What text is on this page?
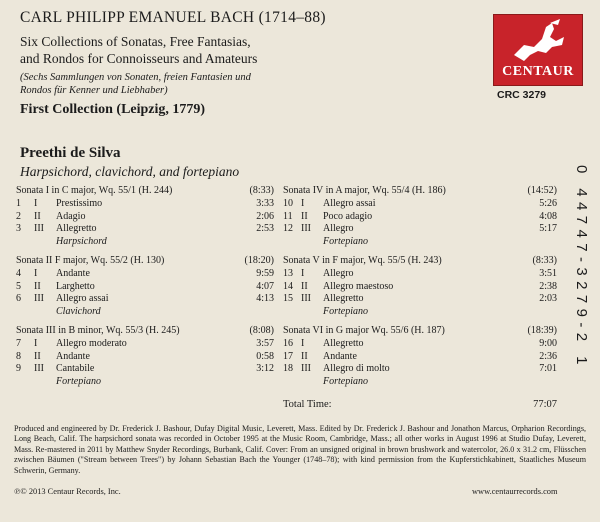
CARL PHILIPP EMANUEL BACH (1714–88)
Six Collections of Sonatas, Free Fantasias,
and Rondos for Connoisseurs and Amateurs
(Sechs Sammlungen von Sonaten, freien Fantasien und
Rondos für Kenner und Liebhaber)
First Collection (Leipzig, 1779)
Preethi de Silva
Harpsichord, clavichord, and fortepiano
CENTAUR
CRC 3279
0 44747-3279-2 1
Sonata I in C major, Wq. 55/1 (H. 244)	(8:33)
1	I	Prestissimo	3:33
2	II	Adagio	2:06
3	III	Allegretto	2:53
Harpsichord
Sonata II F major, Wq. 55/2 (H. 130)	(18:20)
4	I	Andante	9:59
5	II	Larghetto	4:07
6	III	Allegro assai	4:13
Clavichord
Sonata III in B minor, Wq. 55/3 (H. 245)	(8:08)
7	I	Allegro moderato	3:57
8	II	Andante	0:58
9	III	Cantabile	3:12
Fortepiano
Sonata IV in A major, Wq. 55/4 (H. 186)	(14:52)
10 I	Allegro assai	5:26
11 II	Poco adagio	4:08
12 III	Allegro	5:17
Fortepiano
Sonata V in F major, Wq. 55/5 (H. 243)	(8:33)
13 I	Allegro	3:51
14 II	Allegro maestoso	2:38
15 III	Allegretto	2:03
Fortepiano
Sonata VI in G major Wq. 55/6 (H. 187)	(18:39)
16 I	Allegretto	9:00
17 II	Andante	2:36
18 III	Allegro di molto	7:01
Fortepiano
Total Time:	77:07
Produced and engineered by Dr. Frederick J. Bashour, Dufay Digital Music, Leverett, Mass. Edited by Dr. Frederick J. Bashour and Jonathon Marcus, Orpharion Recordings, Long Beach, Calif. The harpsichord sonata was recorded in October 1995 at the Music Room, Cambridge, Mass.; all other works in August 1996 at Studio Dufay, Leverett, Mass. Re-mastered in 2011 by Matthew Snyder Recordings, Burbank, Calif. Cover: From an unsigned original in brown brushwork and watercolor, 26.0 x 31.2 cm, Flüsschen zwischen Bäumen ("Stream between Trees") by Johann Sebastian Bach the Younger (1748–78); with kind permission from the Kupferstichkabinett, Staatliches Museum Schwerin, Germany.
℗© 2013 Centaur Records, Inc.	www.centaurrecords.com
